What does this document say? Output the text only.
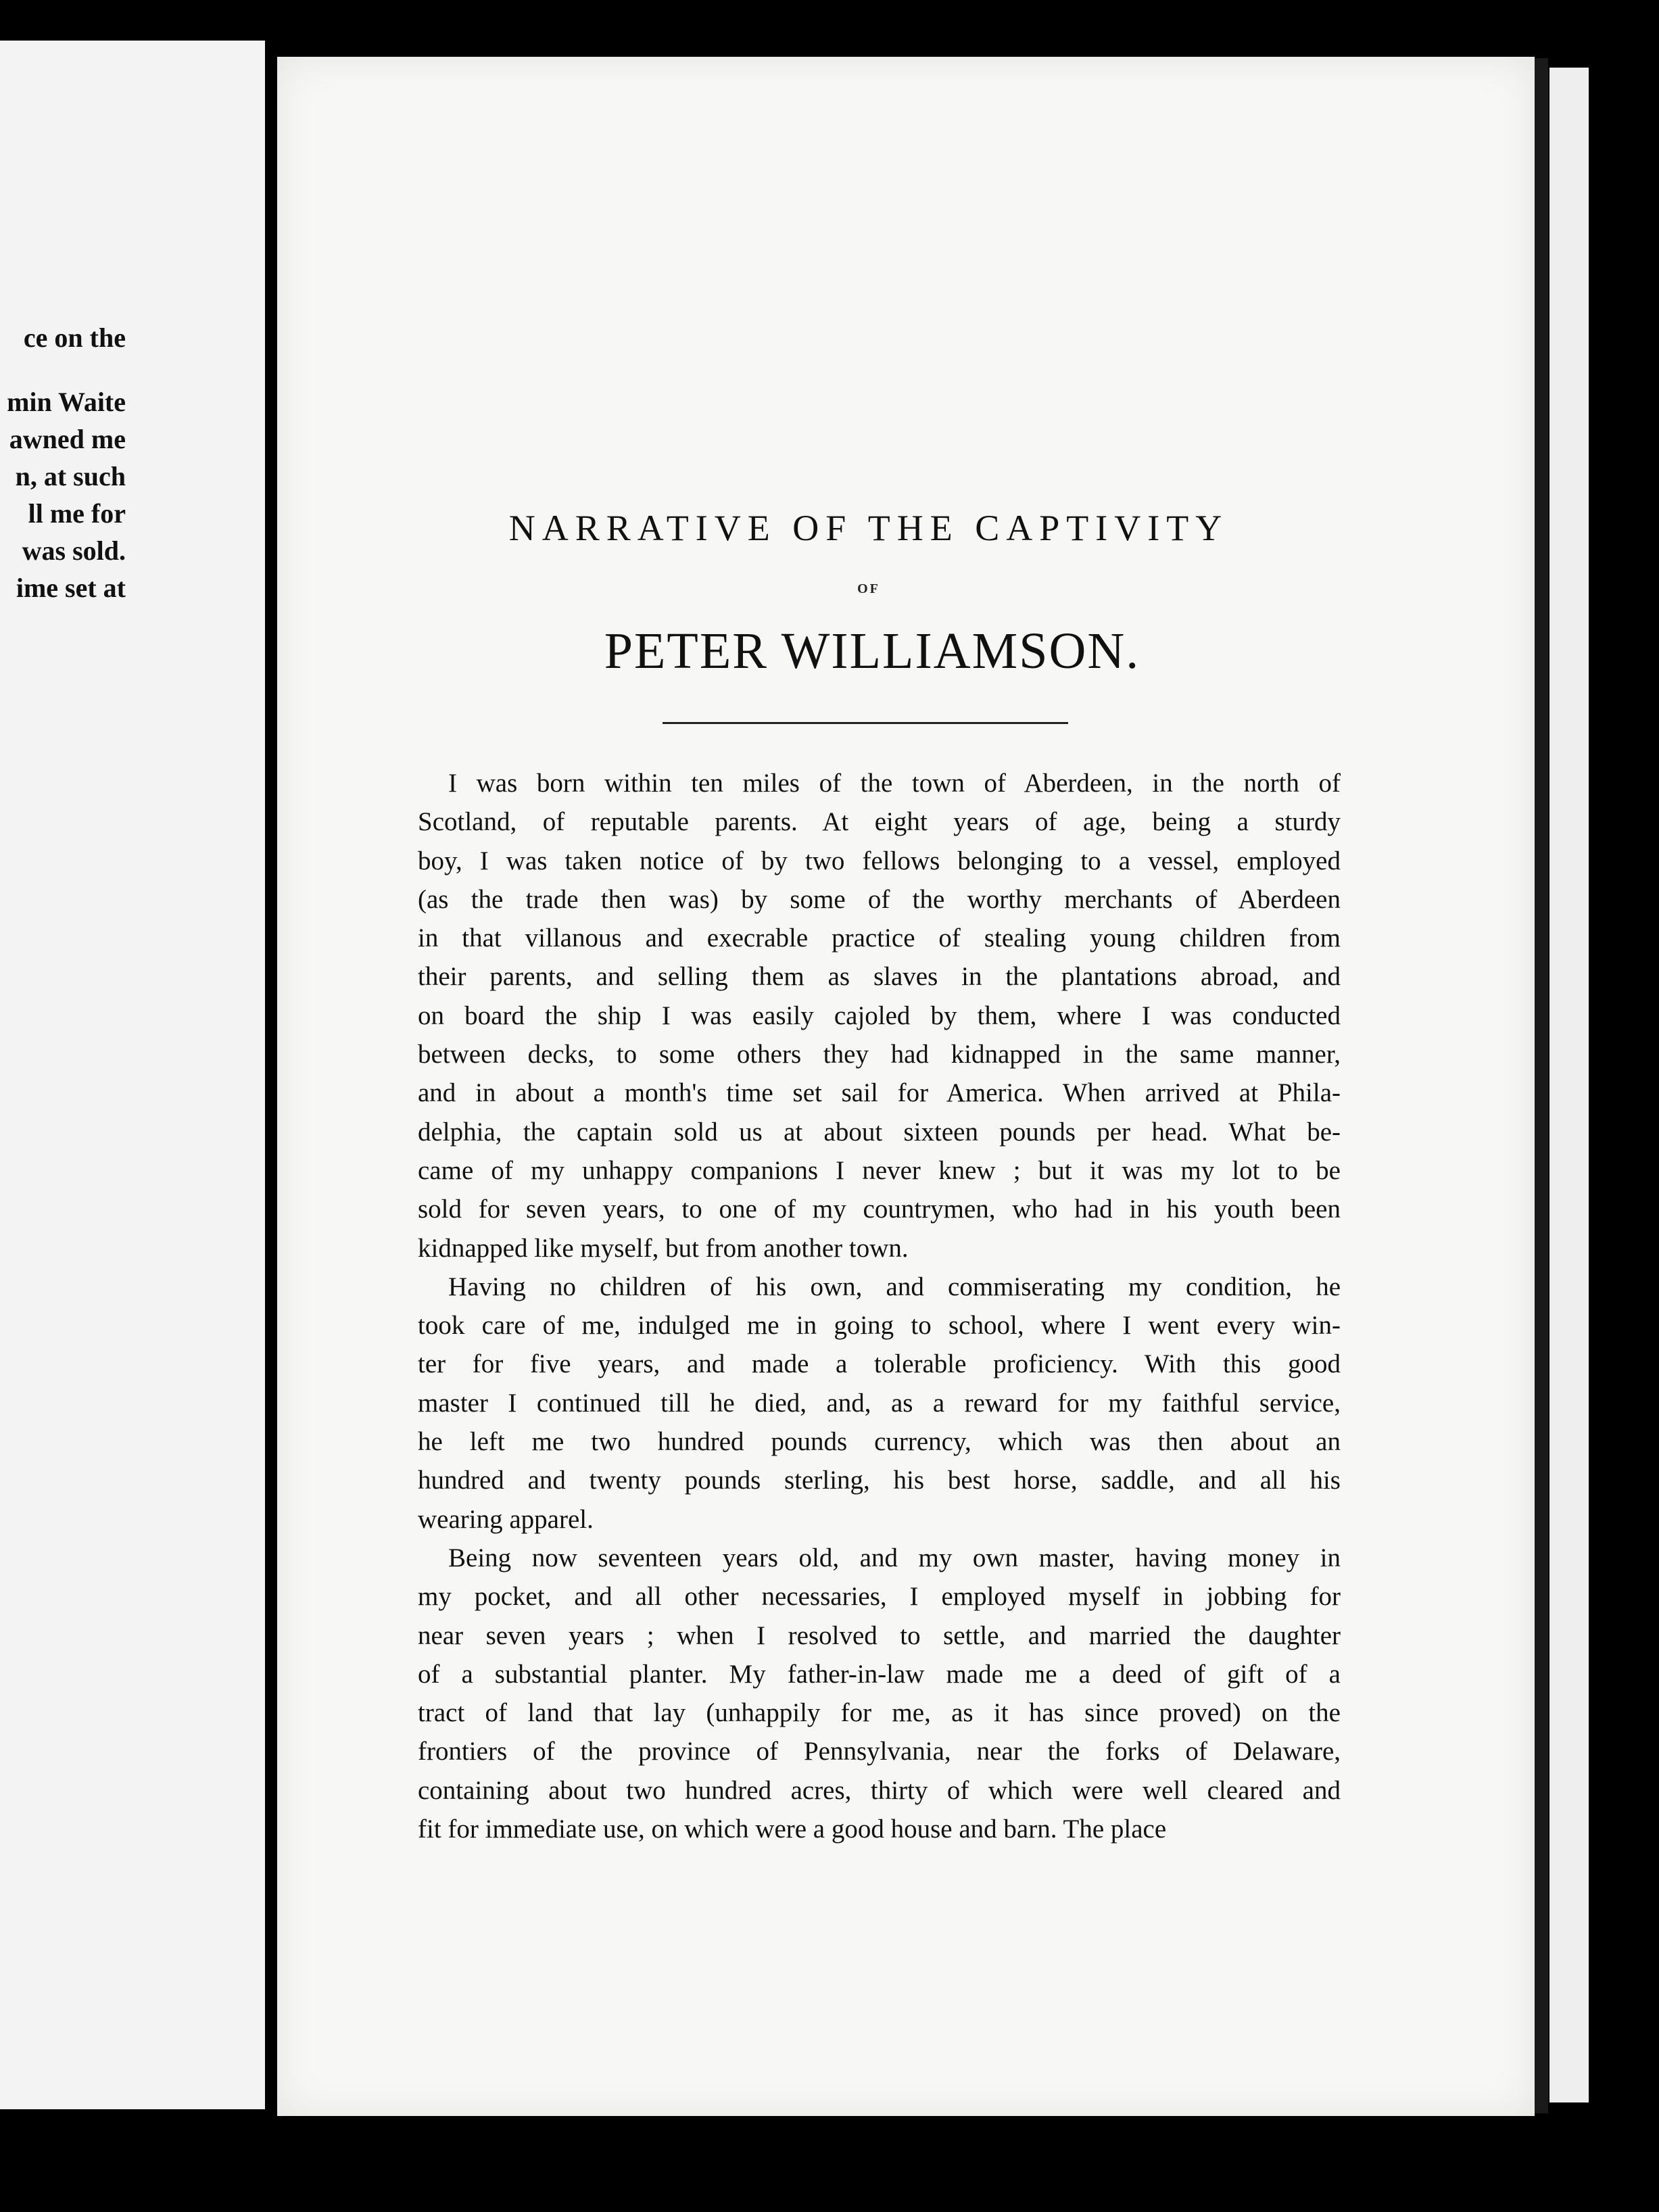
ce on the
min Waite
awned me
n, at such
ll me for
was sold.
ime set at
NARRATIVE OF THE CAPTIVITY
OF
PETER WILLIAMSON.

I was born within ten miles of the town of Aberdeen, in the north of
Scotland, of reputable parents. At eight years of age, being a sturdy
boy, I was taken notice of by two fellows belonging to a vessel, employed
(as the trade then was) by some of the worthy merchants of Aberdeen
in that villanous and execrable practice of stealing young children from
their parents, and selling them as slaves in the plantations abroad, and
on board the ship I was easily cajoled by them, where I was conducted
between decks, to some others they had kidnapped in the same manner,
and in about a month's time set sail for America. When arrived at Phila-
delphia, the captain sold us at about sixteen pounds per head. What be-
came of my unhappy companions I never knew ; but it was my lot to be
sold for seven years, to one of my countrymen, who had in his youth been
kidnapped like myself, but from another town.

Having no children of his own, and commiserating my condition, he
took care of me, indulged me in going to school, where I went every win-
ter for five years, and made a tolerable proficiency. With this good
master I continued till he died, and, as a reward for my faithful service,
he left me two hundred pounds currency, which was then about an
hundred and twenty pounds sterling, his best horse, saddle, and all his
wearing apparel.

Being now seventeen years old, and my own master, having money in
my pocket, and all other necessaries, I employed myself in jobbing for
near seven years ; when I resolved to settle, and married the daughter
of a substantial planter. My father-in-law made me a deed of gift of a
tract of land that lay (unhappily for me, as it has since proved) on the
frontiers of the province of Pennsylvania, near the forks of Delaware,
containing about two hundred acres, thirty of which were well cleared and
fit for immediate use, on which were a good house and barn. The place
